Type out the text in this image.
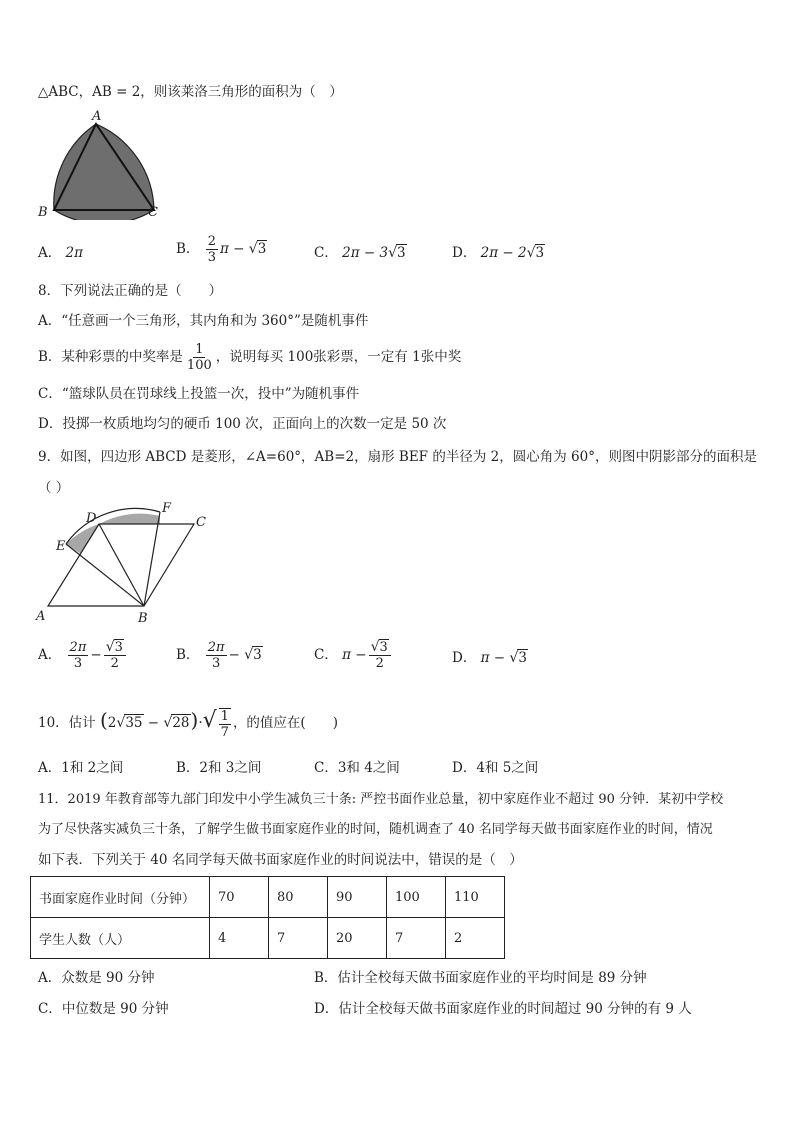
△ABC，AB = 2，则该莱洛三角形的面积为（　）
A
B	C
A． 2π	B． $\frac{2}{3}$ π − √3	C． 2π − 3√3	D． 2π − 2√3
8．下列说法正确的是（　　）
A．“任意画一个三角形，其内角和为 360°”是随机事件
B．某种彩票的中奖率是 $\frac{1}{100}$ ，说明每买 100张彩票，一定有 1张中奖
C．“篮球队员在罚球线上投篮一次，投中”为随机事件
D．投掷一枚质地均匀的硬币 100 次，正面向上的次数一定是 50 次
9．如图，四边形 ABCD 是菱形，∠A=60°，AB=2，扇形 BEF 的半径为 2，圆心角为 60°，则图中阴影部分的面积是
（ ）
A	B
C
D
E
F
A． $\frac{2\pi}{3} - \frac{√3}{2}$	B． $\frac{2\pi}{3} - √3$	C． $\pi - \frac{√3}{2}$	D． π − √3
10．估计 $(2√35 - √28)\cdot√ \frac{1}{7}$ ，的值应在(　　)
A．1和 2之间	B．2和 3之间	C．3和 4之间	D．4和 5之间
11．2019 年教育部等九部门印发中小学生减负三十条: 严控书面作业总量，初中家庭作业不超过 90 分钟．某初中学校
为了尽快落实减负三十条，了解学生做书面家庭作业的时间，随机调查了 40 名同学每天做书面家庭作业的时间，情况
如下表．下列关于 40 名同学每天做书面家庭作业的时间说法中，错误的是（　）
书面家庭作业时间（分钟）	70	80	90	100	110
学生人数（人）	4	7	20	7	2
A．众数是 90 分钟	B．估计全校每天做书面家庭作业的平均时间是 89 分钟
C．中位数是 90 分钟	D．估计全校每天做书面家庭作业的时间超过 90 分钟的有 9 人
